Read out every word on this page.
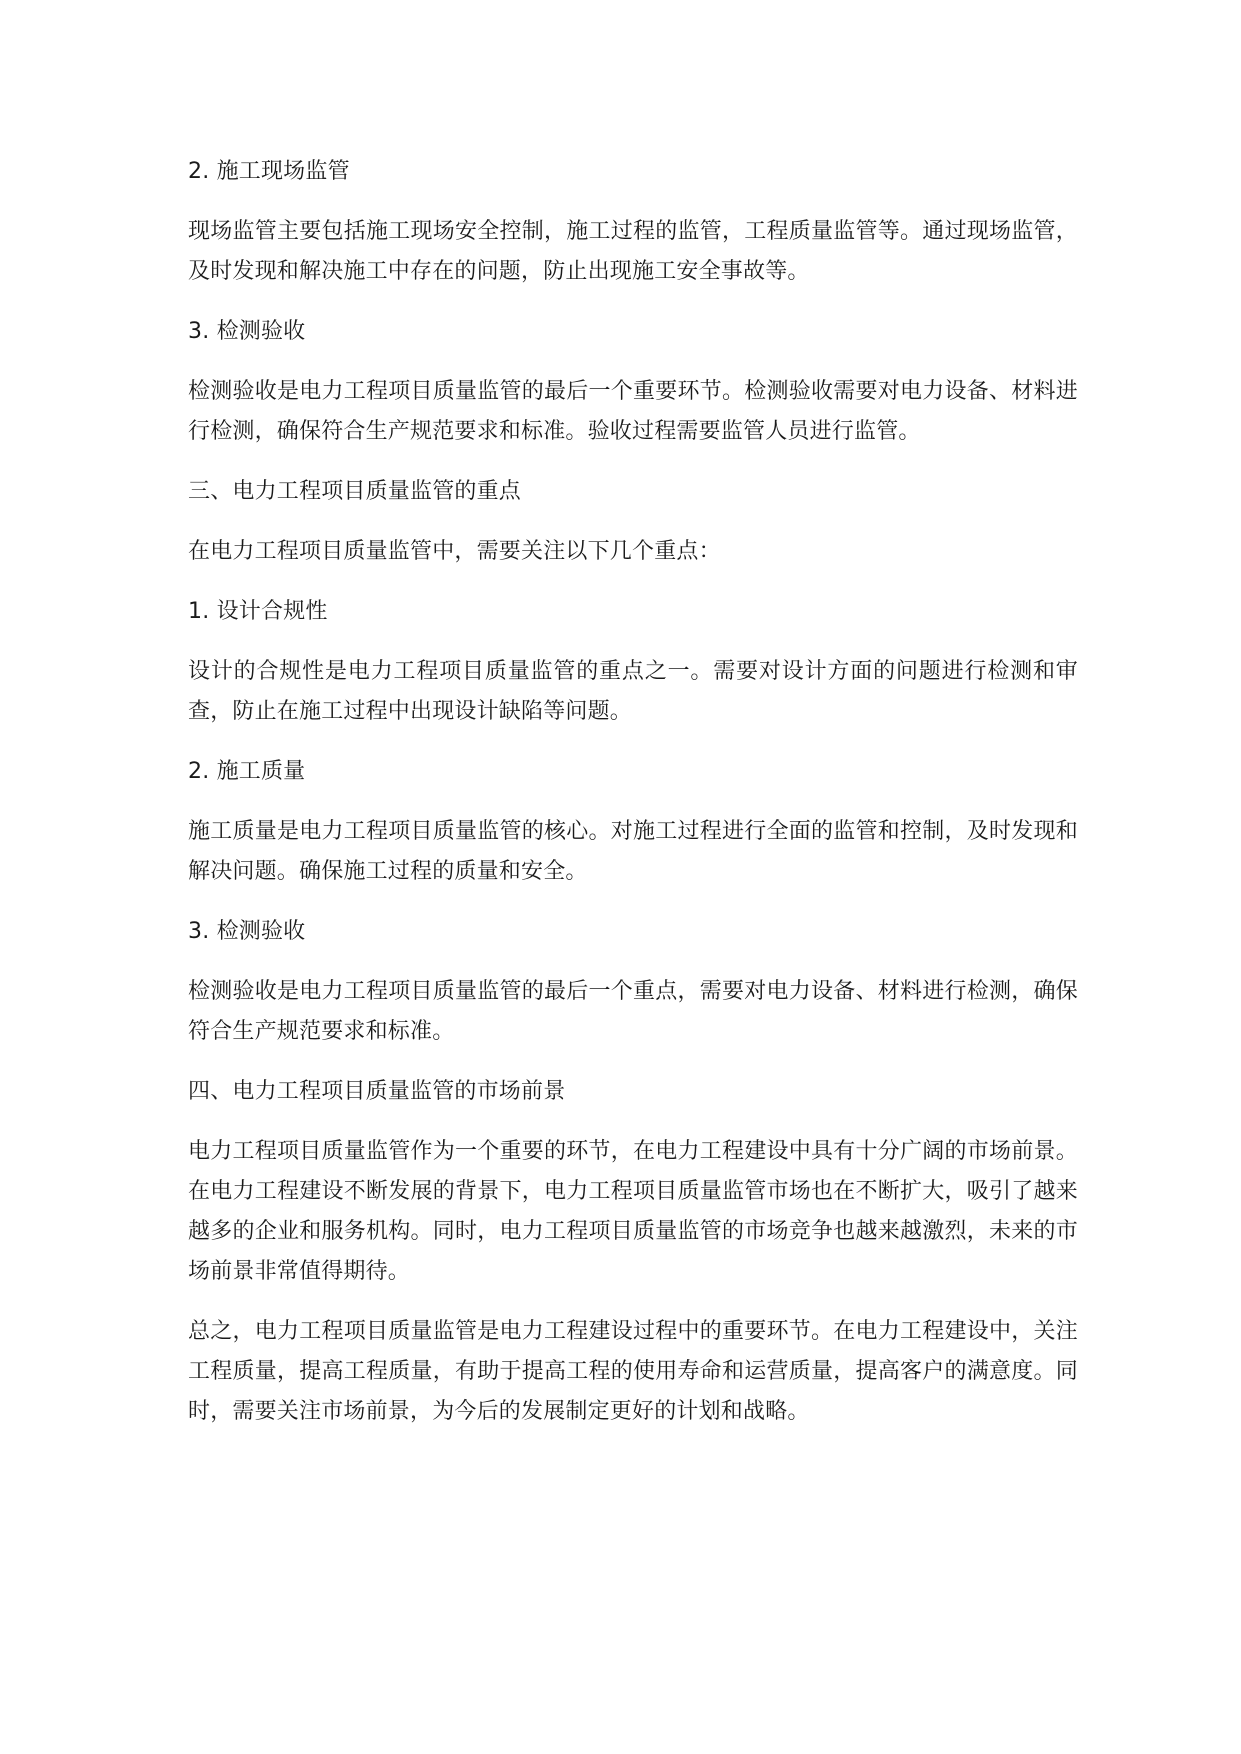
2. 施工现场监管

现场监管主要包括施工现场安全控制，施工过程的监管，工程质量监管等。通过现场监管，及时发现和解决施工中存在的问题，防止出现施工安全事故等。

3. 检测验收

检测验收是电力工程项目质量监管的最后一个重要环节。检测验收需要对电力设备、材料进行检测，确保符合生产规范要求和标准。验收过程需要监管人员进行监管。

三、电力工程项目质量监管的重点

在电力工程项目质量监管中，需要关注以下几个重点：

1. 设计合规性

设计的合规性是电力工程项目质量监管的重点之一。需要对设计方面的问题进行检测和审查，防止在施工过程中出现设计缺陷等问题。

2. 施工质量

施工质量是电力工程项目质量监管的核心。对施工过程进行全面的监管和控制，及时发现和解决问题。确保施工过程的质量和安全。

3. 检测验收

检测验收是电力工程项目质量监管的最后一个重点，需要对电力设备、材料进行检测，确保符合生产规范要求和标准。

四、电力工程项目质量监管的市场前景

电力工程项目质量监管作为一个重要的环节，在电力工程建设中具有十分广阔的市场前景。在电力工程建设不断发展的背景下，电力工程项目质量监管市场也在不断扩大，吸引了越来越多的企业和服务机构。同时，电力工程项目质量监管的市场竞争也越来越激烈，未来的市场前景非常值得期待。

总之，电力工程项目质量监管是电力工程建设过程中的重要环节。在电力工程建设中，关注工程质量，提高工程质量，有助于提高工程的使用寿命和运营质量，提高客户的满意度。同时，需要关注市场前景，为今后的发展制定更好的计划和战略。
